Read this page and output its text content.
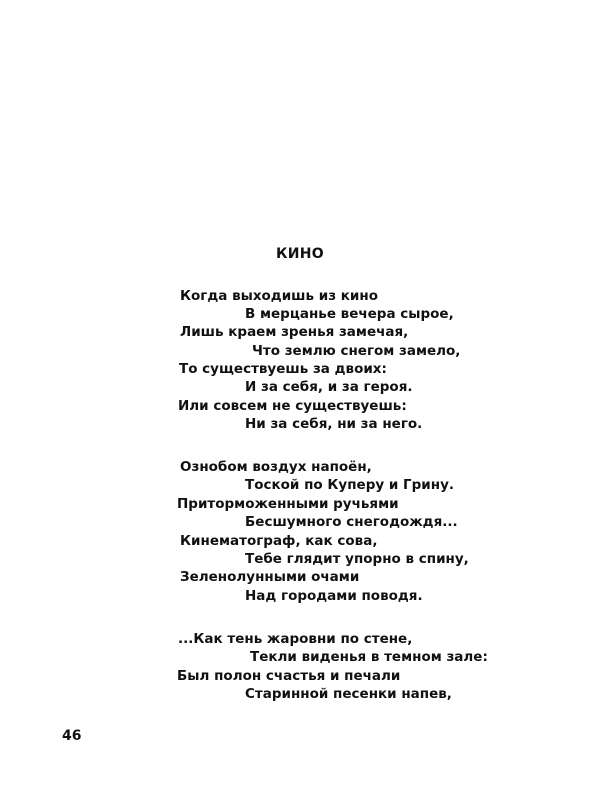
КИНО
Когда выходишь из кино
В мерцанье вечера сырое,
Лишь краем зренья замечая,
Что землю снегом замело,
То существуешь за двоих:
И за себя, и за героя.
Или совсем не существуешь:
Ни за себя, ни за него.
Ознобом воздух напоён,
Тоской по Куперу и Грину.
Приторможенными ручьями
Бесшумного снегодождя...
Кинематограф, как сова,
Тебе глядит упорно в спину,
Зеленолунными очами
Над городами поводя.
...Как тень жаровни по стене,
Текли виденья в темном зале:
Был полон счастья и печали
Старинной песенки напев,
46
